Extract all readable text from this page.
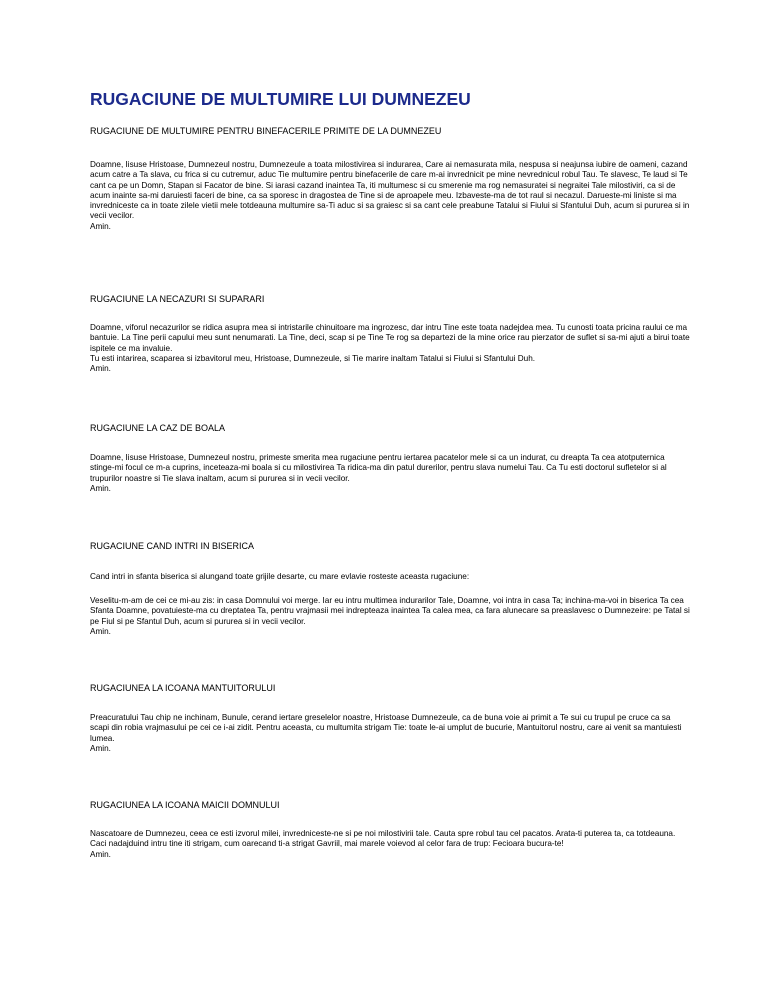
RUGACIUNE DE MULTUMIRE LUI DUMNEZEU

RUGACIUNE DE MULTUMIRE PENTRU BINEFACERILE PRIMITE DE LA DUMNEZEU

Doamne, Iisuse Hristoase, Dumnezeul nostru, Dumnezeule a toata milostivirea si indurarea, Care ai nemasurata mila, nespusa si neajunsa iubire de oameni, cazand acum catre a Ta slava, cu frica si cu cutremur, aduc Tie multumire pentru binefacerile de care m-ai invrednicit pe mine nevrednicul robul Tau. Te slavesc, Te laud si Te cant ca pe un Domn, Stapan si Facator de bine. Si iarasi cazand inaintea Ta, iti multumesc si cu smerenie ma rog nemasuratei si negraitei Tale milostiviri, ca si de acum inainte sa-mi daruiesti faceri de bine, ca sa sporesc in dragostea de Tine si de aproapele meu. Izbaveste-ma de tot raul si necazul. Darueste-mi liniste si ma invredniceste ca in toate zilele vietii mele totdeauna multumire sa-Ti aduc si sa graiesc si sa cant cele preabune Tatalui si Fiului si Sfantului Duh, acum si pururea si in vecii vecilor.
Amin.

RUGACIUNE LA NECAZURI SI SUPARARI

Doamne, viforul necazurilor se ridica asupra mea si intristarile chinuitoare ma ingrozesc, dar intru Tine este toata nadejdea mea. Tu cunosti toata pricina raului ce ma bantuie. La Tine perii capului meu sunt nenumarati. La Tine, deci, scap si pe Tine Te rog sa departezi de la mine orice rau pierzator de suflet si sa-mi ajuti a birui toate ispitele ce ma invaluie.
Tu esti intarirea, scaparea si izbavitorul meu, Hristoase, Dumnezeule, si Tie marire inaltam Tatalui si Fiului si Sfantului Duh.
Amin.

RUGACIUNE LA CAZ DE BOALA

Doamne, Iisuse Hristoase, Dumnezeul nostru, primeste smerita mea rugaciune pentru iertarea pacatelor mele si ca un indurat, cu dreapta Ta cea atotputernica stinge-mi focul ce m-a cuprins, inceteaza-mi boala si cu milostivirea Ta ridica-ma din patul durerilor, pentru slava numelui Tau. Ca Tu esti doctorul sufletelor si al trupurilor noastre si Tie slava inaltam, acum si pururea si in vecii vecilor.
Amin.

RUGACIUNE CAND INTRI IN BISERICA

Cand intri in sfanta biserica si alungand toate grijile desarte, cu mare evlavie rosteste aceasta rugaciune:

Veselitu-m-am de cei ce mi-au zis: in casa Domnului voi merge. Iar eu intru multimea indurarilor Tale, Doamne, voi intra in casa Ta; inchina-ma-voi in biserica Ta cea Sfanta Doamne, povatuieste-ma cu dreptatea Ta, pentru vrajmasii mei indrepteaza inaintea Ta calea mea, ca fara alunecare sa preaslavesc o Dumnezeire: pe Tatal si pe Fiul si pe Sfantul Duh, acum si pururea si in vecii vecilor.
Amin.

RUGACIUNEA LA ICOANA MANTUITORULUI

Preacuratului Tau chip ne inchinam, Bunule, cerand iertare greselelor noastre, Hristoase Dumnezeule, ca de buna voie ai primit a Te sui cu trupul pe cruce ca sa scapi din robia vrajmasului pe cei ce i-ai zidit. Pentru aceasta, cu multumita strigam Tie: toate le-ai umplut de bucurie, Mantuitorul nostru, care ai venit sa mantuiesti lumea.
Amin.

RUGACIUNEA LA ICOANA MAICII DOMNULUI

Nascatoare de Dumnezeu, ceea ce esti izvorul milei, invredniceste-ne si pe noi milostivirii tale. Cauta spre robul tau cel pacatos. Arata-ti puterea ta, ca totdeauna. Caci nadajduind intru tine iti strigam, cum oarecand ti-a strigat Gavriil, mai marele voievod al celor fara de trup: Fecioara bucura-te!
Amin.
